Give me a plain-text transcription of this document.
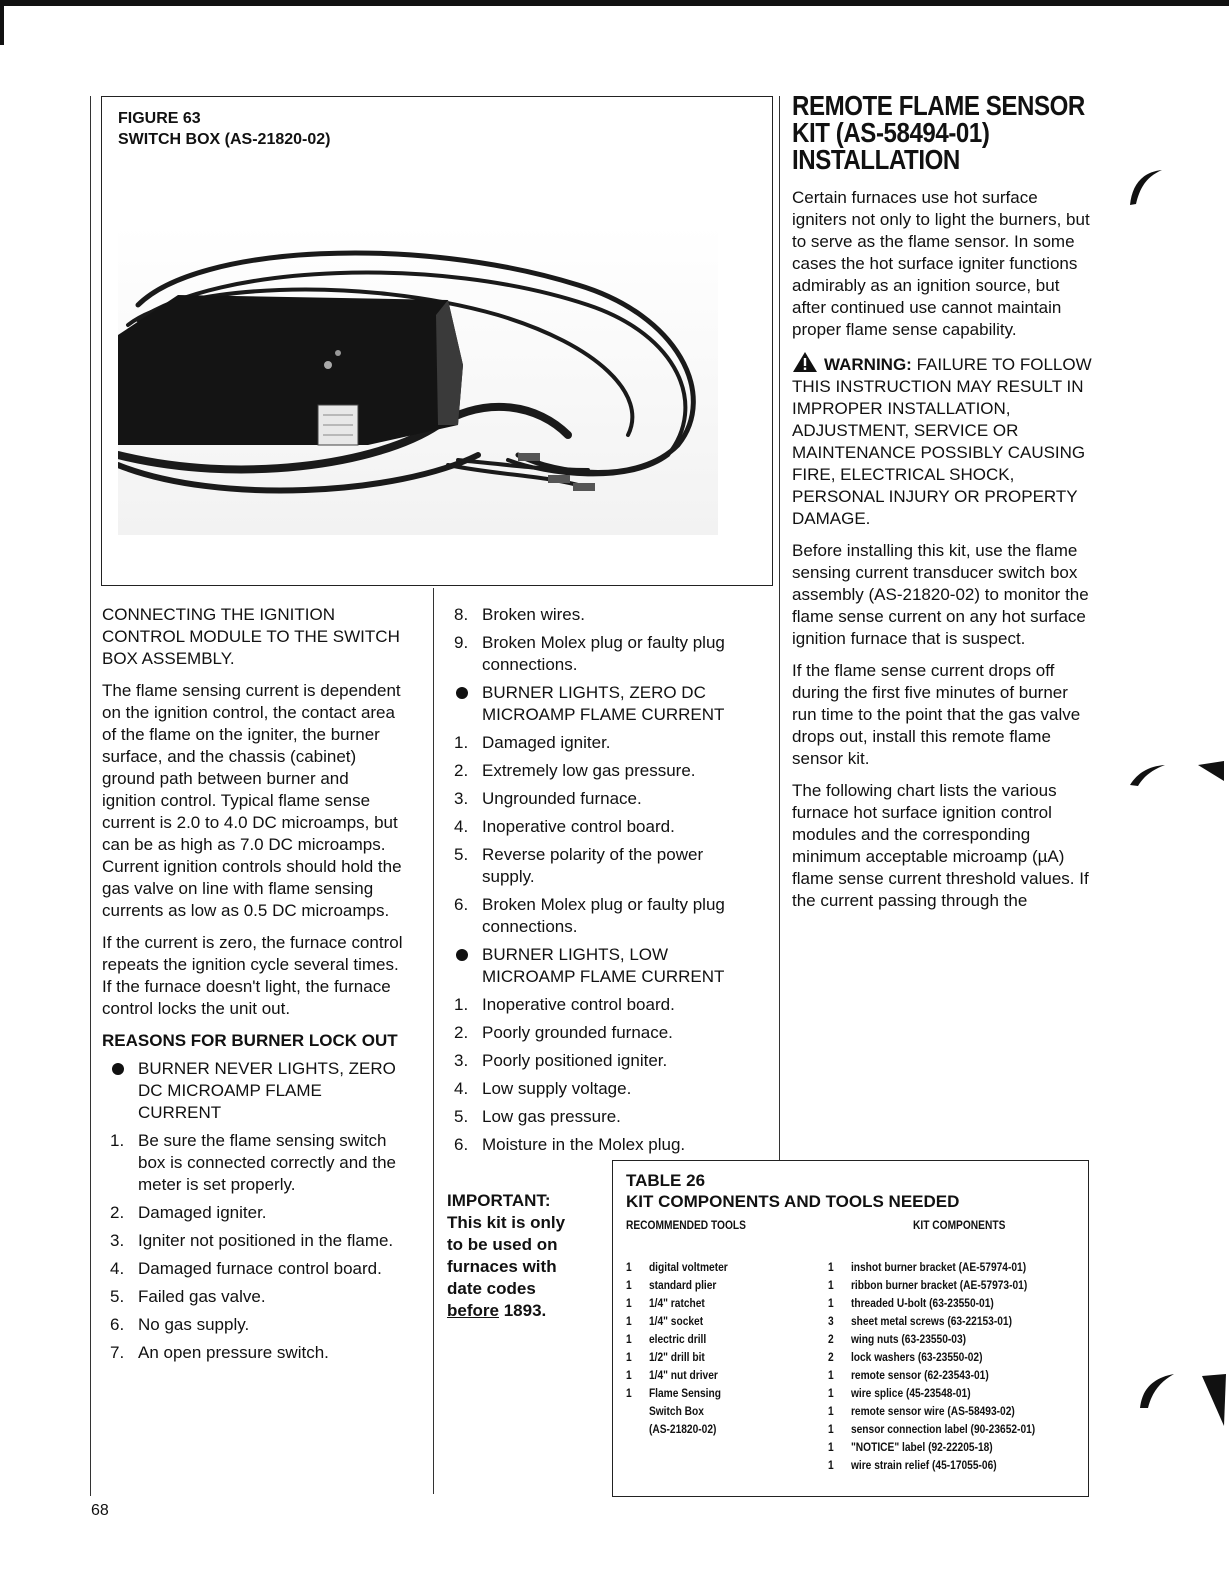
FIGURE 63
SWITCH BOX (AS-21820-02)

CONNECTING THE IGNITION CONTROL MODULE TO THE SWITCH BOX ASSEMBLY.

The flame sensing current is dependent on the ignition control, the contact area of the flame on the igniter, the burner surface, and the chassis (cabinet) ground path between burner and ignition control. Typical flame sense current is 2.0 to 4.0 DC microamps, but can be as high as 7.0 DC microamps. Current ignition controls should hold the gas valve on line with flame sensing currents as low as 0.5 DC microamps.

If the current is zero, the furnace control repeats the ignition cycle several times. If the furnace doesn't light, the furnace control locks the unit out.

REASONS FOR BURNER LOCK OUT
BURNER NEVER LIGHTS, ZERO DC MICROAMP FLAME CURRENT
1. Be sure the flame sensing switch box is connected correctly and the meter is set properly.
2. Damaged igniter.
3. Igniter not positioned in the flame.
4. Damaged furnace control board.
5. Failed gas valve.
6. No gas supply.
7. An open pressure switch.
8. Broken wires.
9. Broken Molex plug or faulty plug connections.
BURNER LIGHTS, ZERO DC MICROAMP FLAME CURRENT
1. Damaged igniter.
2. Extremely low gas pressure.
3. Ungrounded furnace.
4. Inoperative control board.
5. Reverse polarity of the power supply.
6. Broken Molex plug or faulty plug connections.
BURNER LIGHTS, LOW MICROAMP FLAME CURRENT
1. Inoperative control board.
2. Poorly grounded furnace.
3. Poorly positioned igniter.
4. Low supply voltage.
5. Low gas pressure.
6. Moisture in the Molex plug.
IMPORTANT:
This kit is only to be used on furnaces with date codes before 1893.
REMOTE FLAME SENSOR KIT (AS-58494-01) INSTALLATION

Certain furnaces use hot surface igniters not only to light the burners, but to serve as the flame sensor. In some cases the hot surface igniter functions admirably as an ignition source, but after continued use cannot maintain proper flame sense capability.

WARNING: FAILURE TO FOLLOW THIS INSTRUCTION MAY RESULT IN IMPROPER INSTALLATION, ADJUSTMENT, SERVICE OR MAINTENANCE POSSIBLY CAUSING FIRE, ELECTRICAL SHOCK, PERSONAL INJURY OR PROPERTY DAMAGE.

Before installing this kit, use the flame sensing current transducer switch box assembly (AS-21820-02) to monitor the flame sense current on any hot surface ignition furnace that is suspect.

If the flame sense current drops off during the first five minutes of burner run time to the point that the gas valve drops out, install this remote flame sensor kit.

The following chart lists the various furnace hot surface ignition control modules and the corresponding minimum acceptable microamp (µA) flame sense current threshold values. If the current passing through the

TABLE 26
KIT COMPONENTS AND TOOLS NEEDED
RECOMMENDED TOOLS	KIT COMPONENTS
1	digital voltmeter
1	standard plier
1	1/4" ratchet
1	1/4" socket
1	electric drill
1	1/2" drill bit
1	1/4" nut driver
1	Flame Sensing
Switch Box
(AS-21820-02)
1	inshot burner bracket (AE-57974-01)
1	ribbon burner bracket (AE-57973-01)
1	threaded U-bolt (63-23550-01)
3	sheet metal screws (63-22153-01)
2	wing nuts (63-23550-03)
2	lock washers (63-23550-02)
1	remote sensor (62-23543-01)
1	wire splice (45-23548-01)
1	remote sensor wire (AS-58493-02)
1	sensor connection label (90-23652-01)
1	"NOTICE" label (92-22205-18)
1	wire strain relief (45-17055-06)
68
